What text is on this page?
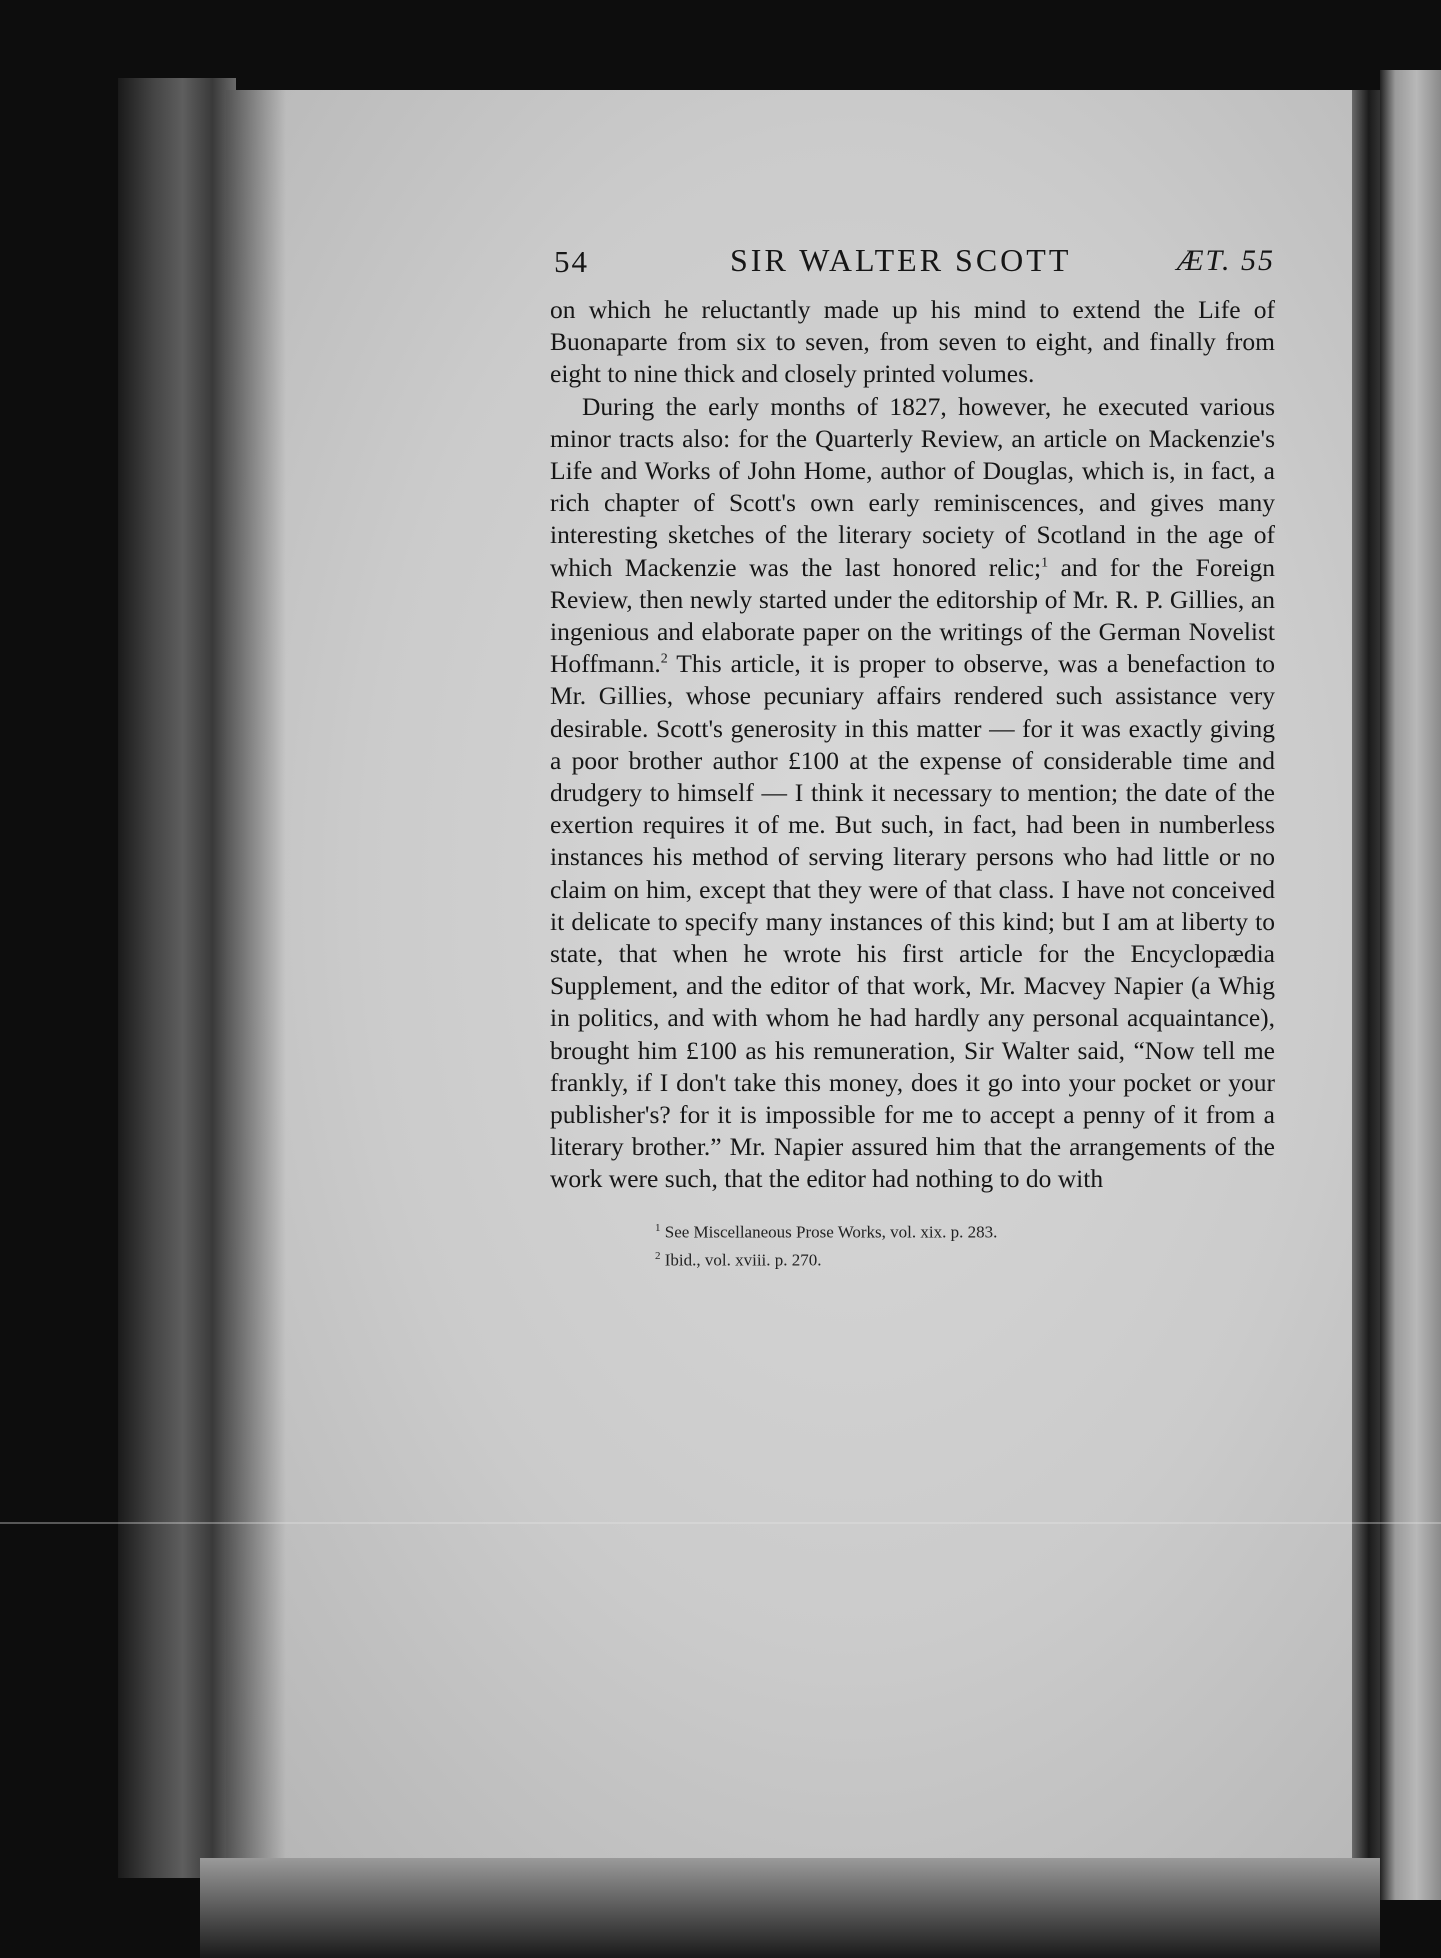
54	SIR WALTER SCOTT	ÆT. 55

on which he reluctantly made up his mind to extend the Life of Buonaparte from six to seven, from seven to eight, and finally from eight to nine thick and closely printed volumes.

During the early months of 1827, however, he executed various minor tracts also: for the Quarterly Review, an article on Mackenzie's Life and Works of John Home, author of Douglas, which is, in fact, a rich chapter of Scott's own early reminiscences, and gives many interesting sketches of the literary society of Scotland in the age of which Mackenzie was the last honored relic;$^1$ and for the Foreign Review, then newly started under the editorship of Mr. R. P. Gillies, an ingenious and elaborate paper on the writings of the German Novelist Hoffmann.$^2$ This article, it is proper to observe, was a benefaction to Mr. Gillies, whose pecuniary affairs rendered such assistance very desirable. Scott's generosity in this matter — for it was exactly giving a poor brother author £100 at the expense of considerable time and drudgery to himself — I think it necessary to mention; the date of the exertion requires it of me. But such, in fact, had been in numberless instances his method of serving literary persons who had little or no claim on him, except that they were of that class. I have not conceived it delicate to specify many instances of this kind; but I am at liberty to state, that when he wrote his first article for the Encyclopædia Supplement, and the editor of that work, Mr. Macvey Napier (a Whig in politics, and with whom he had hardly any personal acquaintance), brought him £100 as his remuneration, Sir Walter said, “Now tell me frankly, if I don't take this money, does it go into your pocket or your publisher's? for it is impossible for me to accept a penny of it from a literary brother.” Mr. Napier assured him that the arrangements of the work were such, that the editor had nothing to do with

$^1$ See Miscellaneous Prose Works, vol. xix. p. 283.
$^2$ Ibid., vol. xviii. p. 270.
